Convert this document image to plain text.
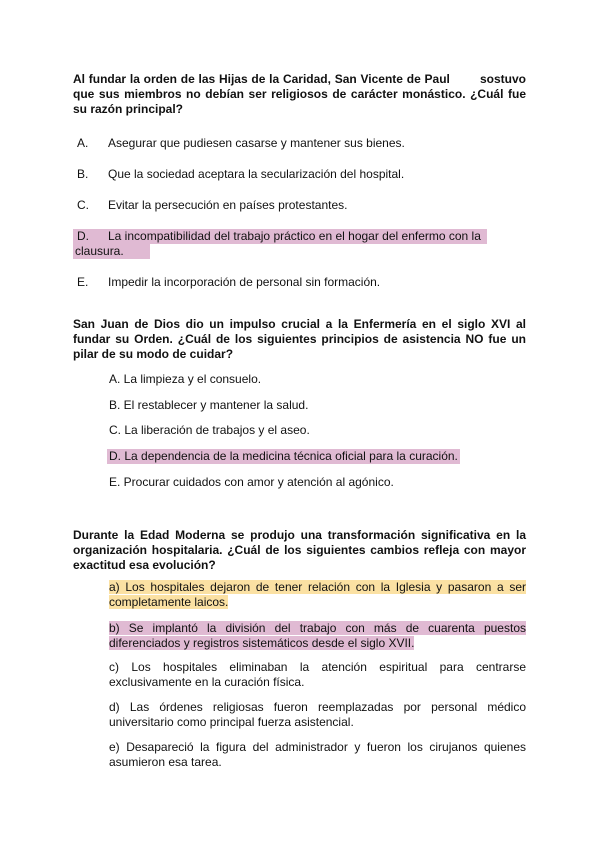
Al fundar la orden de las Hijas de la Caridad, San Vicente de Paul        sostuvo que sus miembros no debían ser religiosos de carácter monástico. ¿Cuál fue su razón principal?
A. Asegurar que pudiesen casarse y mantener sus bienes.
B. Que la sociedad aceptara la secularización del hospital.
C. Evitar la persecución en países protestantes.
D. La incompatibilidad del trabajo práctico en el hogar del enfermo con la
clausura.
E. Impedir la incorporación de personal sin formación.
San Juan de Dios dio un impulso crucial a la Enfermería en el siglo XVI al fundar su Orden. ¿Cuál de los siguientes principios de asistencia NO fue un pilar de su modo de cuidar?
A. La limpieza y el consuelo.
B. El restablecer y mantener la salud.
C. La liberación de trabajos y el aseo.
D. La dependencia de la medicina técnica oficial para la curación.
E. Procurar cuidados con amor y atención al agónico.
Durante la Edad Moderna se produjo una transformación significativa en la organización hospitalaria. ¿Cuál de los siguientes cambios refleja con mayor exactitud esa evolución?
a) Los hospitales dejaron de tener relación con la Iglesia y pasaron a ser completamente laicos.
b) Se implantó la división del trabajo con más de cuarenta puestos diferenciados y registros sistemáticos desde el siglo XVII.
c) Los hospitales eliminaban la atención espiritual para centrarse exclusivamente en la curación física.
d) Las órdenes religiosas fueron reemplazadas por personal médico universitario como principal fuerza asistencial.
e) Desapareció la figura del administrador y fueron los cirujanos quienes asumieron esa tarea.
